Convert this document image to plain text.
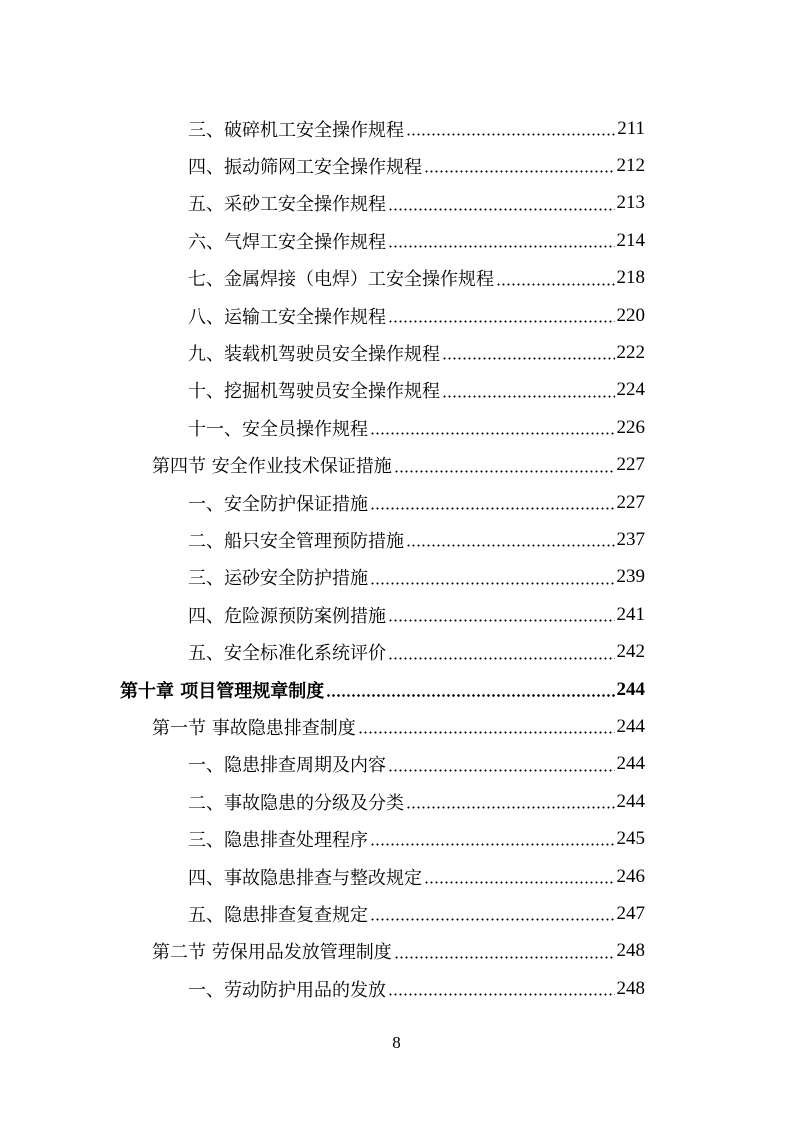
三、破碎机工安全操作规程	211
四、振动筛网工安全操作规程	212
五、采砂工安全操作规程	213
六、气焊工安全操作规程	214
七、金属焊接（电焊）工安全操作规程	218
八、运输工安全操作规程	220
九、装载机驾驶员安全操作规程	222
十、挖掘机驾驶员安全操作规程	224
十一、安全员操作规程	226
第四节 安全作业技术保证措施	227
一、安全防护保证措施	227
二、船只安全管理预防措施	237
三、运砂安全防护措施	239
四、危险源预防案例措施	241
五、安全标准化系统评价	242
第十章 项目管理规章制度	244
第一节 事故隐患排查制度	244
一、隐患排查周期及内容	244
二、事故隐患的分级及分类	244
三、隐患排查处理程序	245
四、事故隐患排查与整改规定	246
五、隐患排查复查规定	247
第二节 劳保用品发放管理制度	248
一、劳动防护用品的发放	248
8
